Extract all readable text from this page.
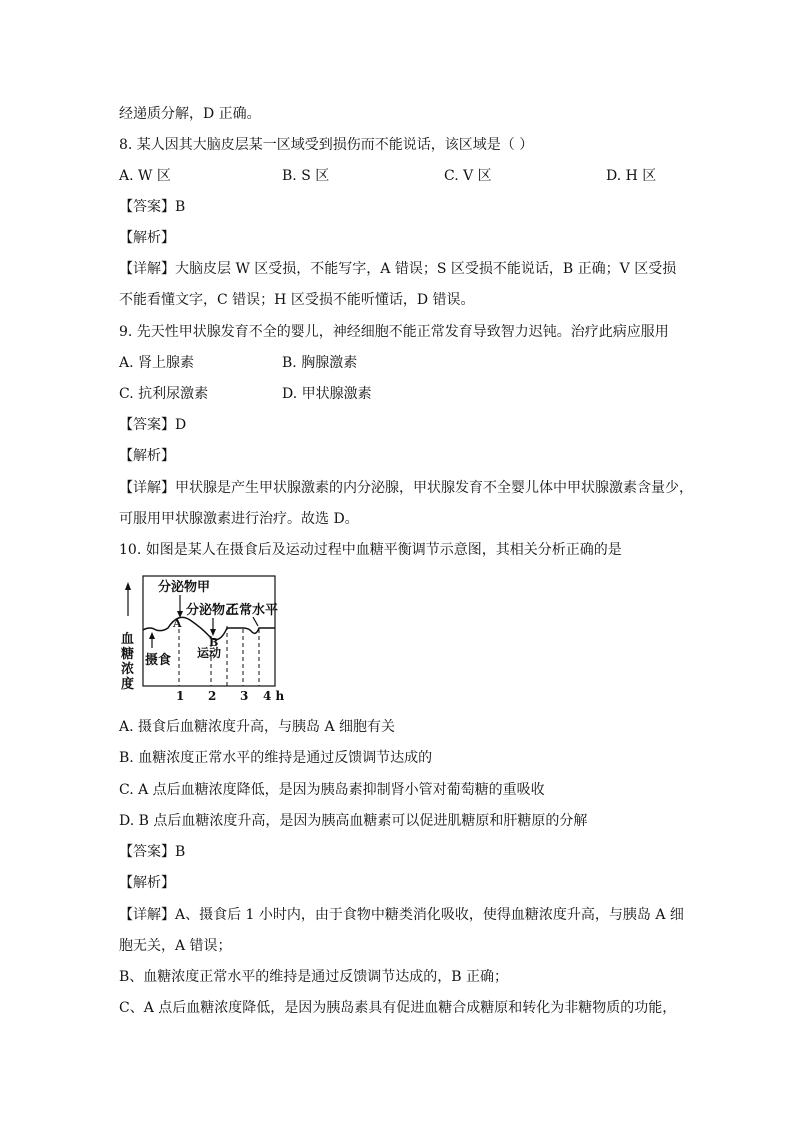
经递质分解，D 正确。
8. 某人因其大脑皮层某一区域受到损伤而不能说话，该区域是（ ）
A. W 区	B. S 区	C. V 区	D. H 区
【答案】B
【解析】
【详解】大脑皮层 W 区受损，不能写字，A 错误；S 区受损不能说话，B 正确；V 区受损
不能看懂文字，C 错误；H 区受损不能听懂话，D 错误。
9. 先天性甲状腺发育不全的婴儿，神经细胞不能正常发育导致智力迟钝。治疗此病应服用
A. 肾上腺素	B. 胸腺激素
C. 抗利尿激素	D. 甲状腺激素
【答案】D
【解析】
【详解】甲状腺是产生甲状腺激素的内分泌腺，甲状腺发育不全婴儿体中甲状腺激素含量少，
可服用甲状腺激素进行治疗。故选 D。
10. 如图是某人在摄食后及运动过程中血糖平衡调节示意图，其相关分析正确的是
血
糖
浓
度
A
B
分泌物甲
分泌物乙
正常水平
运动
摄食
1 2 3 4 h
A. 摄食后血糖浓度升高，与胰岛 A 细胞有关
B. 血糖浓度正常水平的维持是通过反馈调节达成的
C. A 点后血糖浓度降低，是因为胰岛素抑制肾小管对葡萄糖的重吸收
D. B 点后血糖浓度升高，是因为胰高血糖素可以促进肌糖原和肝糖原的分解
【答案】B
【解析】
【详解】A、摄食后 1 小时内，由于食物中糖类消化吸收，使得血糖浓度升高，与胰岛 A 细
胞无关，A 错误；
B、血糖浓度正常水平的维持是通过反馈调节达成的，B 正确；
C、A 点后血糖浓度降低，是因为胰岛素具有促进血糖合成糖原和转化为非糖物质的功能，
